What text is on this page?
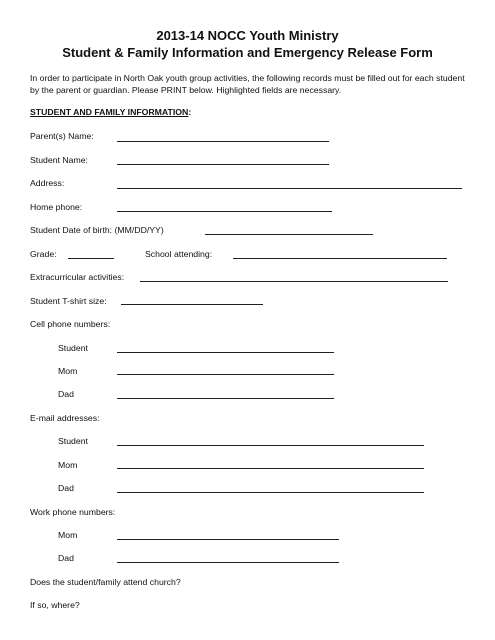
2013-14 NOCC Youth Ministry
Student & Family Information and Emergency Release Form

In order to participate in North Oak youth group activities, the following records must be filled out for each student by the parent or guardian. Please PRINT below. Highlighted fields are necessary.

STUDENT AND FAMILY INFORMATION:

Parent(s) Name:
Student Name:
Address:
Home phone:
Student Date of birth: (MM/DD/YY)
Grade:	School attending:
Extracurricular activities:
Student T-shirt size:
Cell phone numbers:
Student
Mom
Dad
E-mail addresses:
Student
Mom
Dad
Work phone numbers:
Mom
Dad
Does the student/family attend church?
If so, where?
